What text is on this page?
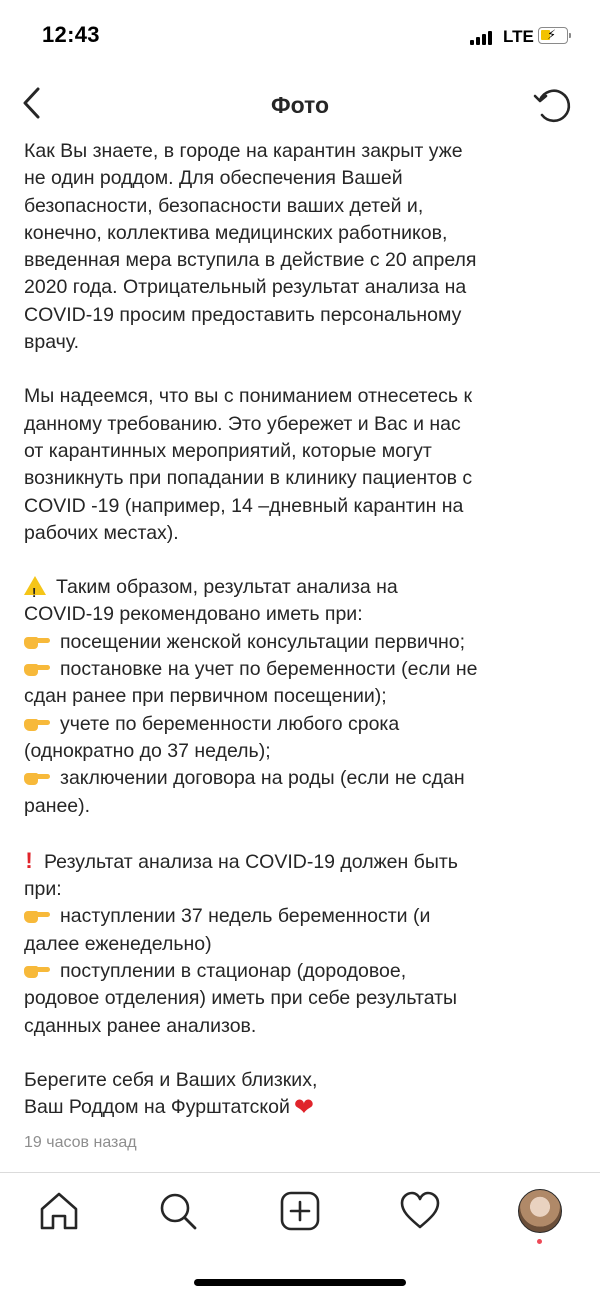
12:43	LTE ⚡
Фото
Как Вы знаете, в городе на карантин закрыт уже
не один роддом. Для обеспечения Вашей
безопасности, безопасности ваших детей и,
конечно, коллектива медицинских работников,
введенная мера вступила в действие с 20 апреля
2020 года. Отрицательный результат анализа на
COVID-19 просим предоставить персональному
врачу.
Мы надеемся, что вы с пониманием отнесетесь к
данному требованию. Это убережет и Вас и нас
от карантинных мероприятий, которые могут
возникнуть при попадании в клинику пациентов с
COVID -19 (например, 14 –дневный карантин на
рабочих местах).
!Таким образом, результат анализа на
COVID-19 рекомендовано иметь при:
посещении женской консультации первично;
постановке на учет по беременности (если не
сдан ранее при первичном посещении);
учете по беременности любого срока
(однократно до 37 недель);
заключении договора на роды (если не сдан
ранее).
! Результат анализа на COVID-19 должен быть
при:
наступлении 37 недель беременности (и
далее еженедельно)
поступлении в стационар (дородовое,
родовое отделения) иметь при себе результаты
сданных ранее анализов.
Берегите себя и Ваших близких,
Ваш Роддом на Фурштатской ❤
19 часов назад
